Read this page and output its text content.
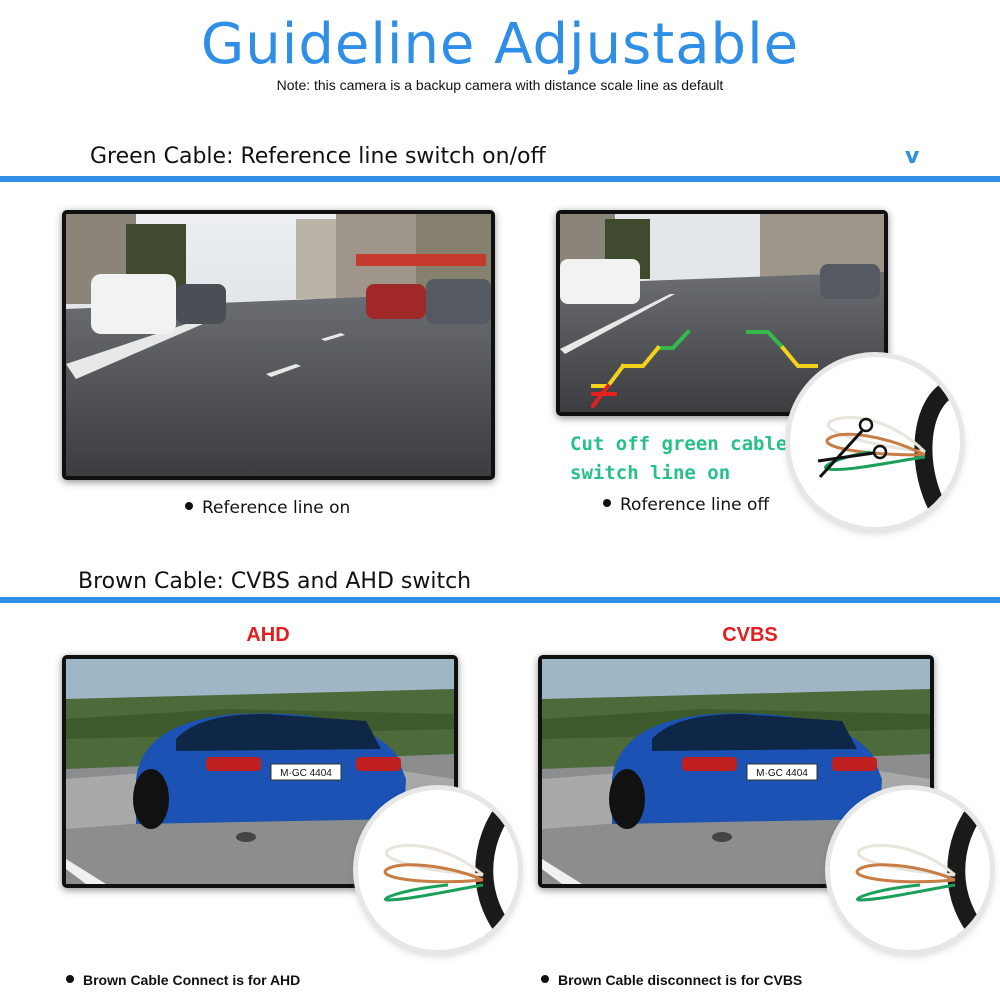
Guideline Adjustable
Note: this camera is a backup camera with distance scale line as default
Green Cable: Reference line switch on/off	v
Reference line on
Cut off green cable
switch line on
Roference line off
Brown Cable: CVBS and AHD switch
AHD	CVBS
M·GC 4404
Brown Cable Connect is for AHD
M·GC 4404
Brown Cable disconnect is for CVBS
